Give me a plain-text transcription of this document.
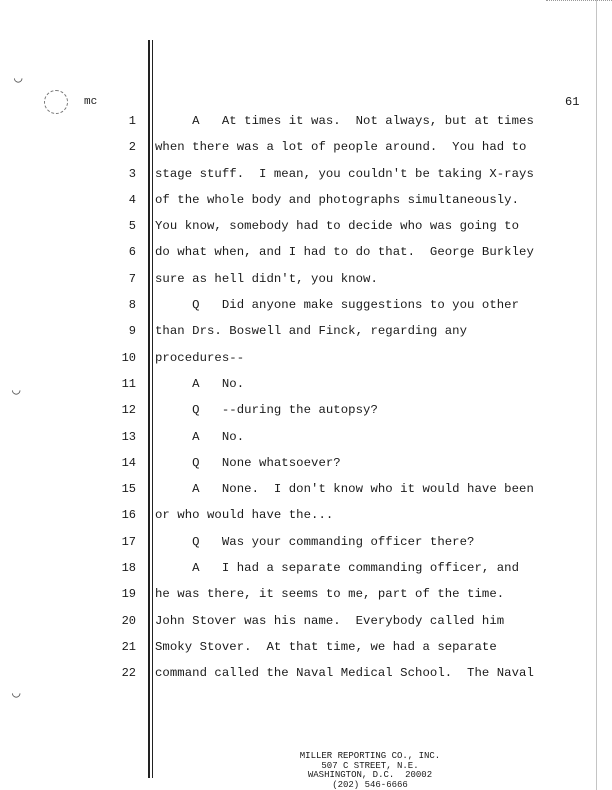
◡
◡
◡
mc	61
1 A   At times it was.  Not always, but at times
2 when there was a lot of people around.  You had to
3 stage stuff.  I mean, you couldn't be taking X-rays
4 of the whole body and photographs simultaneously.
5 You know, somebody had to decide who was going to
6 do what when, and I had to do that.  George Burkley
7 sure as hell didn't, you know.
8 Q   Did anyone make suggestions to you other
9 than Drs. Boswell and Finck, regarding any
10 procedures--
11 A   No.
12 Q   --during the autopsy?
13 A   No.
14 Q   None whatsoever?
15 A   None.  I don't know who it would have been
16 or who would have the...
17 Q   Was your commanding officer there?
18 A   I had a separate commanding officer, and
19 he was there, it seems to me, part of the time.
20 John Stover was his name.  Everybody called him
21 Smoky Stover.  At that time, we had a separate
22 command called the Naval Medical School.  The Naval
MILLER REPORTING CO., INC.
507 C STREET, N.E.
WASHINGTON, D.C.  20002
(202) 546-6666
